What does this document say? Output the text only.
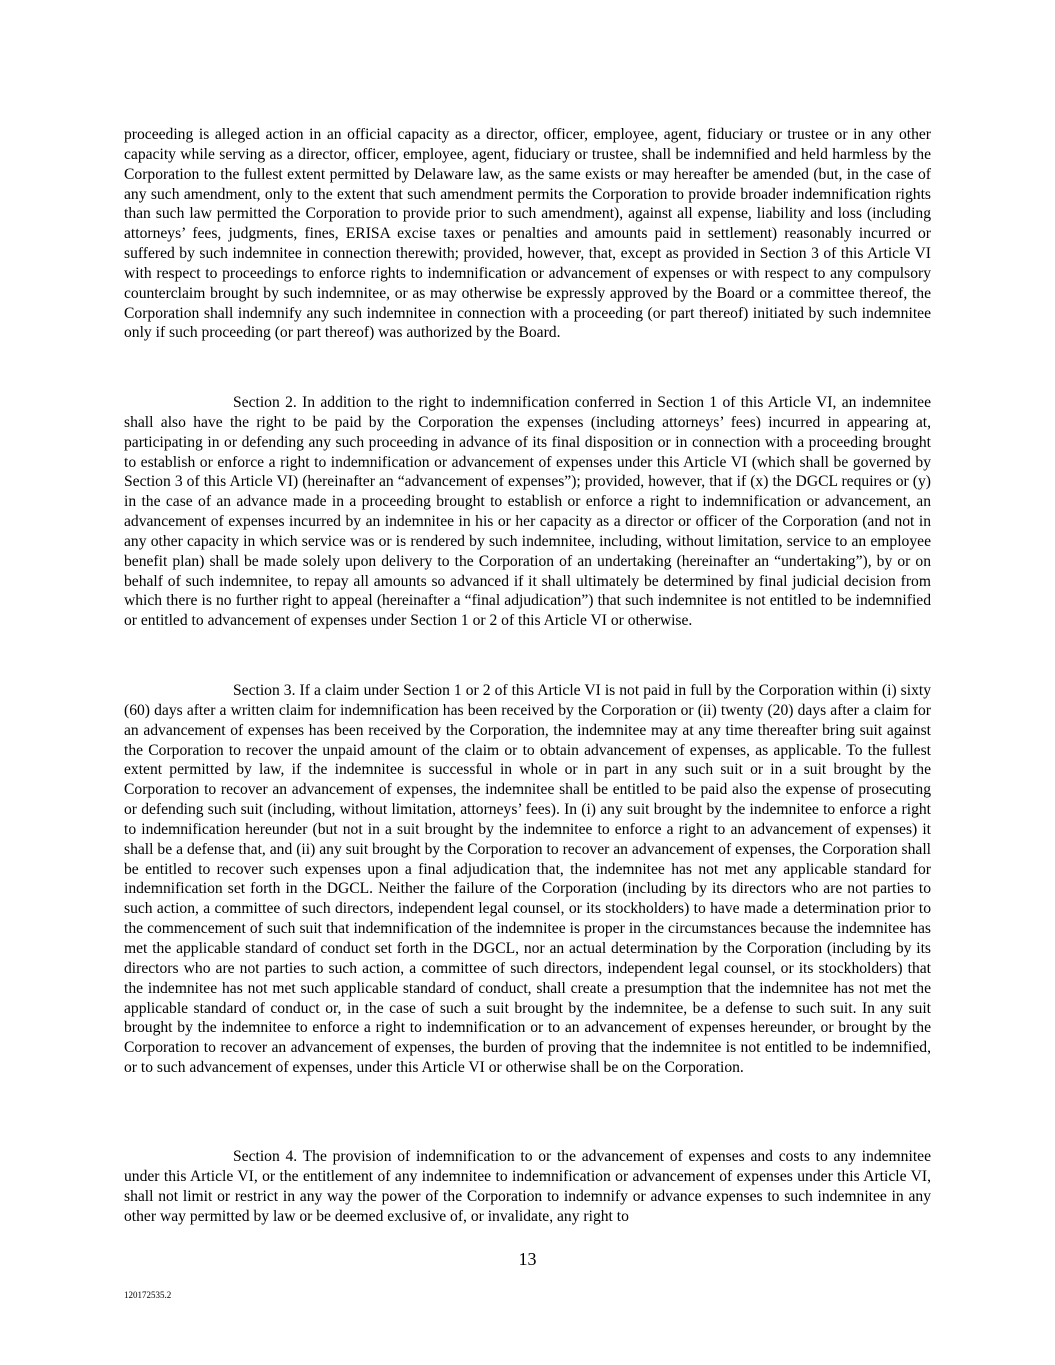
proceeding is alleged action in an official capacity as a director, officer, employee, agent, fiduciary or trustee or in any other capacity while serving as a director, officer, employee, agent, fiduciary or trustee, shall be indemnified and held harmless by the Corporation to the fullest extent permitted by Delaware law, as the same exists or may hereafter be amended (but, in the case of any such amendment, only to the extent that such amendment permits the Corporation to provide broader indemnification rights than such law permitted the Corporation to provide prior to such amendment), against all expense, liability and loss (including attorneys’ fees, judgments, fines, ERISA excise taxes or penalties and amounts paid in settlement) reasonably incurred or suffered by such indemnitee in connection therewith; provided, however, that, except as provided in Section 3 of this Article VI with respect to proceedings to enforce rights to indemnification or advancement of expenses or with respect to any compulsory counterclaim brought by such indemnitee, or as may otherwise be expressly approved by the Board or a committee thereof, the Corporation shall indemnify any such indemnitee in connection with a proceeding (or part thereof) initiated by such indemnitee only if such proceeding (or part thereof) was authorized by the Board.

Section 2. In addition to the right to indemnification conferred in Section 1 of this Article VI, an indemnitee shall also have the right to be paid by the Corporation the expenses (including attorneys’ fees) incurred in appearing at, participating in or defending any such proceeding in advance of its final disposition or in connection with a proceeding brought to establish or enforce a right to indemnification or advancement of expenses under this Article VI (which shall be governed by Section 3 of this Article VI) (hereinafter an “advancement of expenses”); provided, however, that if (x) the DGCL requires or (y) in the case of an advance made in a proceeding brought to establish or enforce a right to indemnification or advancement, an advancement of expenses incurred by an indemnitee in his or her capacity as a director or officer of the Corporation (and not in any other capacity in which service was or is rendered by such indemnitee, including, without limitation, service to an employee benefit plan) shall be made solely upon delivery to the Corporation of an undertaking (hereinafter an “undertaking”), by or on behalf of such indemnitee, to repay all amounts so advanced if it shall ultimately be determined by final judicial decision from which there is no further right to appeal (hereinafter a “final adjudication”) that such indemnitee is not entitled to be indemnified or entitled to advancement of expenses under Section 1 or 2 of this Article VI or otherwise.

Section 3. If a claim under Section 1 or 2 of this Article VI is not paid in full by the Corporation within (i) sixty (60) days after a written claim for indemnification has been received by the Corporation or (ii) twenty (20) days after a claim for an advancement of expenses has been received by the Corporation, the indemnitee may at any time thereafter bring suit against the Corporation to recover the unpaid amount of the claim or to obtain advancement of expenses, as applicable. To the fullest extent permitted by law, if the indemnitee is successful in whole or in part in any such suit or in a suit brought by the Corporation to recover an advancement of expenses, the indemnitee shall be entitled to be paid also the expense of prosecuting or defending such suit (including, without limitation, attorneys’ fees). In (i) any suit brought by the indemnitee to enforce a right to indemnification hereunder (but not in a suit brought by the indemnitee to enforce a right to an advancement of expenses) it shall be a defense that, and (ii) any suit brought by the Corporation to recover an advancement of expenses, the Corporation shall be entitled to recover such expenses upon a final adjudication that, the indemnitee has not met any applicable standard for indemnification set forth in the DGCL. Neither the failure of the Corporation (including by its directors who are not parties to such action, a committee of such directors, independent legal counsel, or its stockholders) to have made a determination prior to the commencement of such suit that indemnification of the indemnitee is proper in the circumstances because the indemnitee has met the applicable standard of conduct set forth in the DGCL, nor an actual determination by the Corporation (including by its directors who are not parties to such action, a committee of such directors, independent legal counsel, or its stockholders) that the indemnitee has not met such applicable standard of conduct, shall create a presumption that the indemnitee has not met the applicable standard of conduct or, in the case of such a suit brought by the indemnitee, be a defense to such suit. In any suit brought by the indemnitee to enforce a right to indemnification or to an advancement of expenses hereunder, or brought by the Corporation to recover an advancement of expenses, the burden of proving that the indemnitee is not entitled to be indemnified, or to such advancement of expenses, under this Article VI or otherwise shall be on the Corporation.

Section 4. The provision of indemnification to or the advancement of expenses and costs to any indemnitee under this Article VI, or the entitlement of any indemnitee to indemnification or advancement of expenses under this Article VI, shall not limit or restrict in any way the power of the Corporation to indemnify or advance expenses to such indemnitee in any other way permitted by law or be deemed exclusive of, or invalidate, any right to

13
120172535.2
